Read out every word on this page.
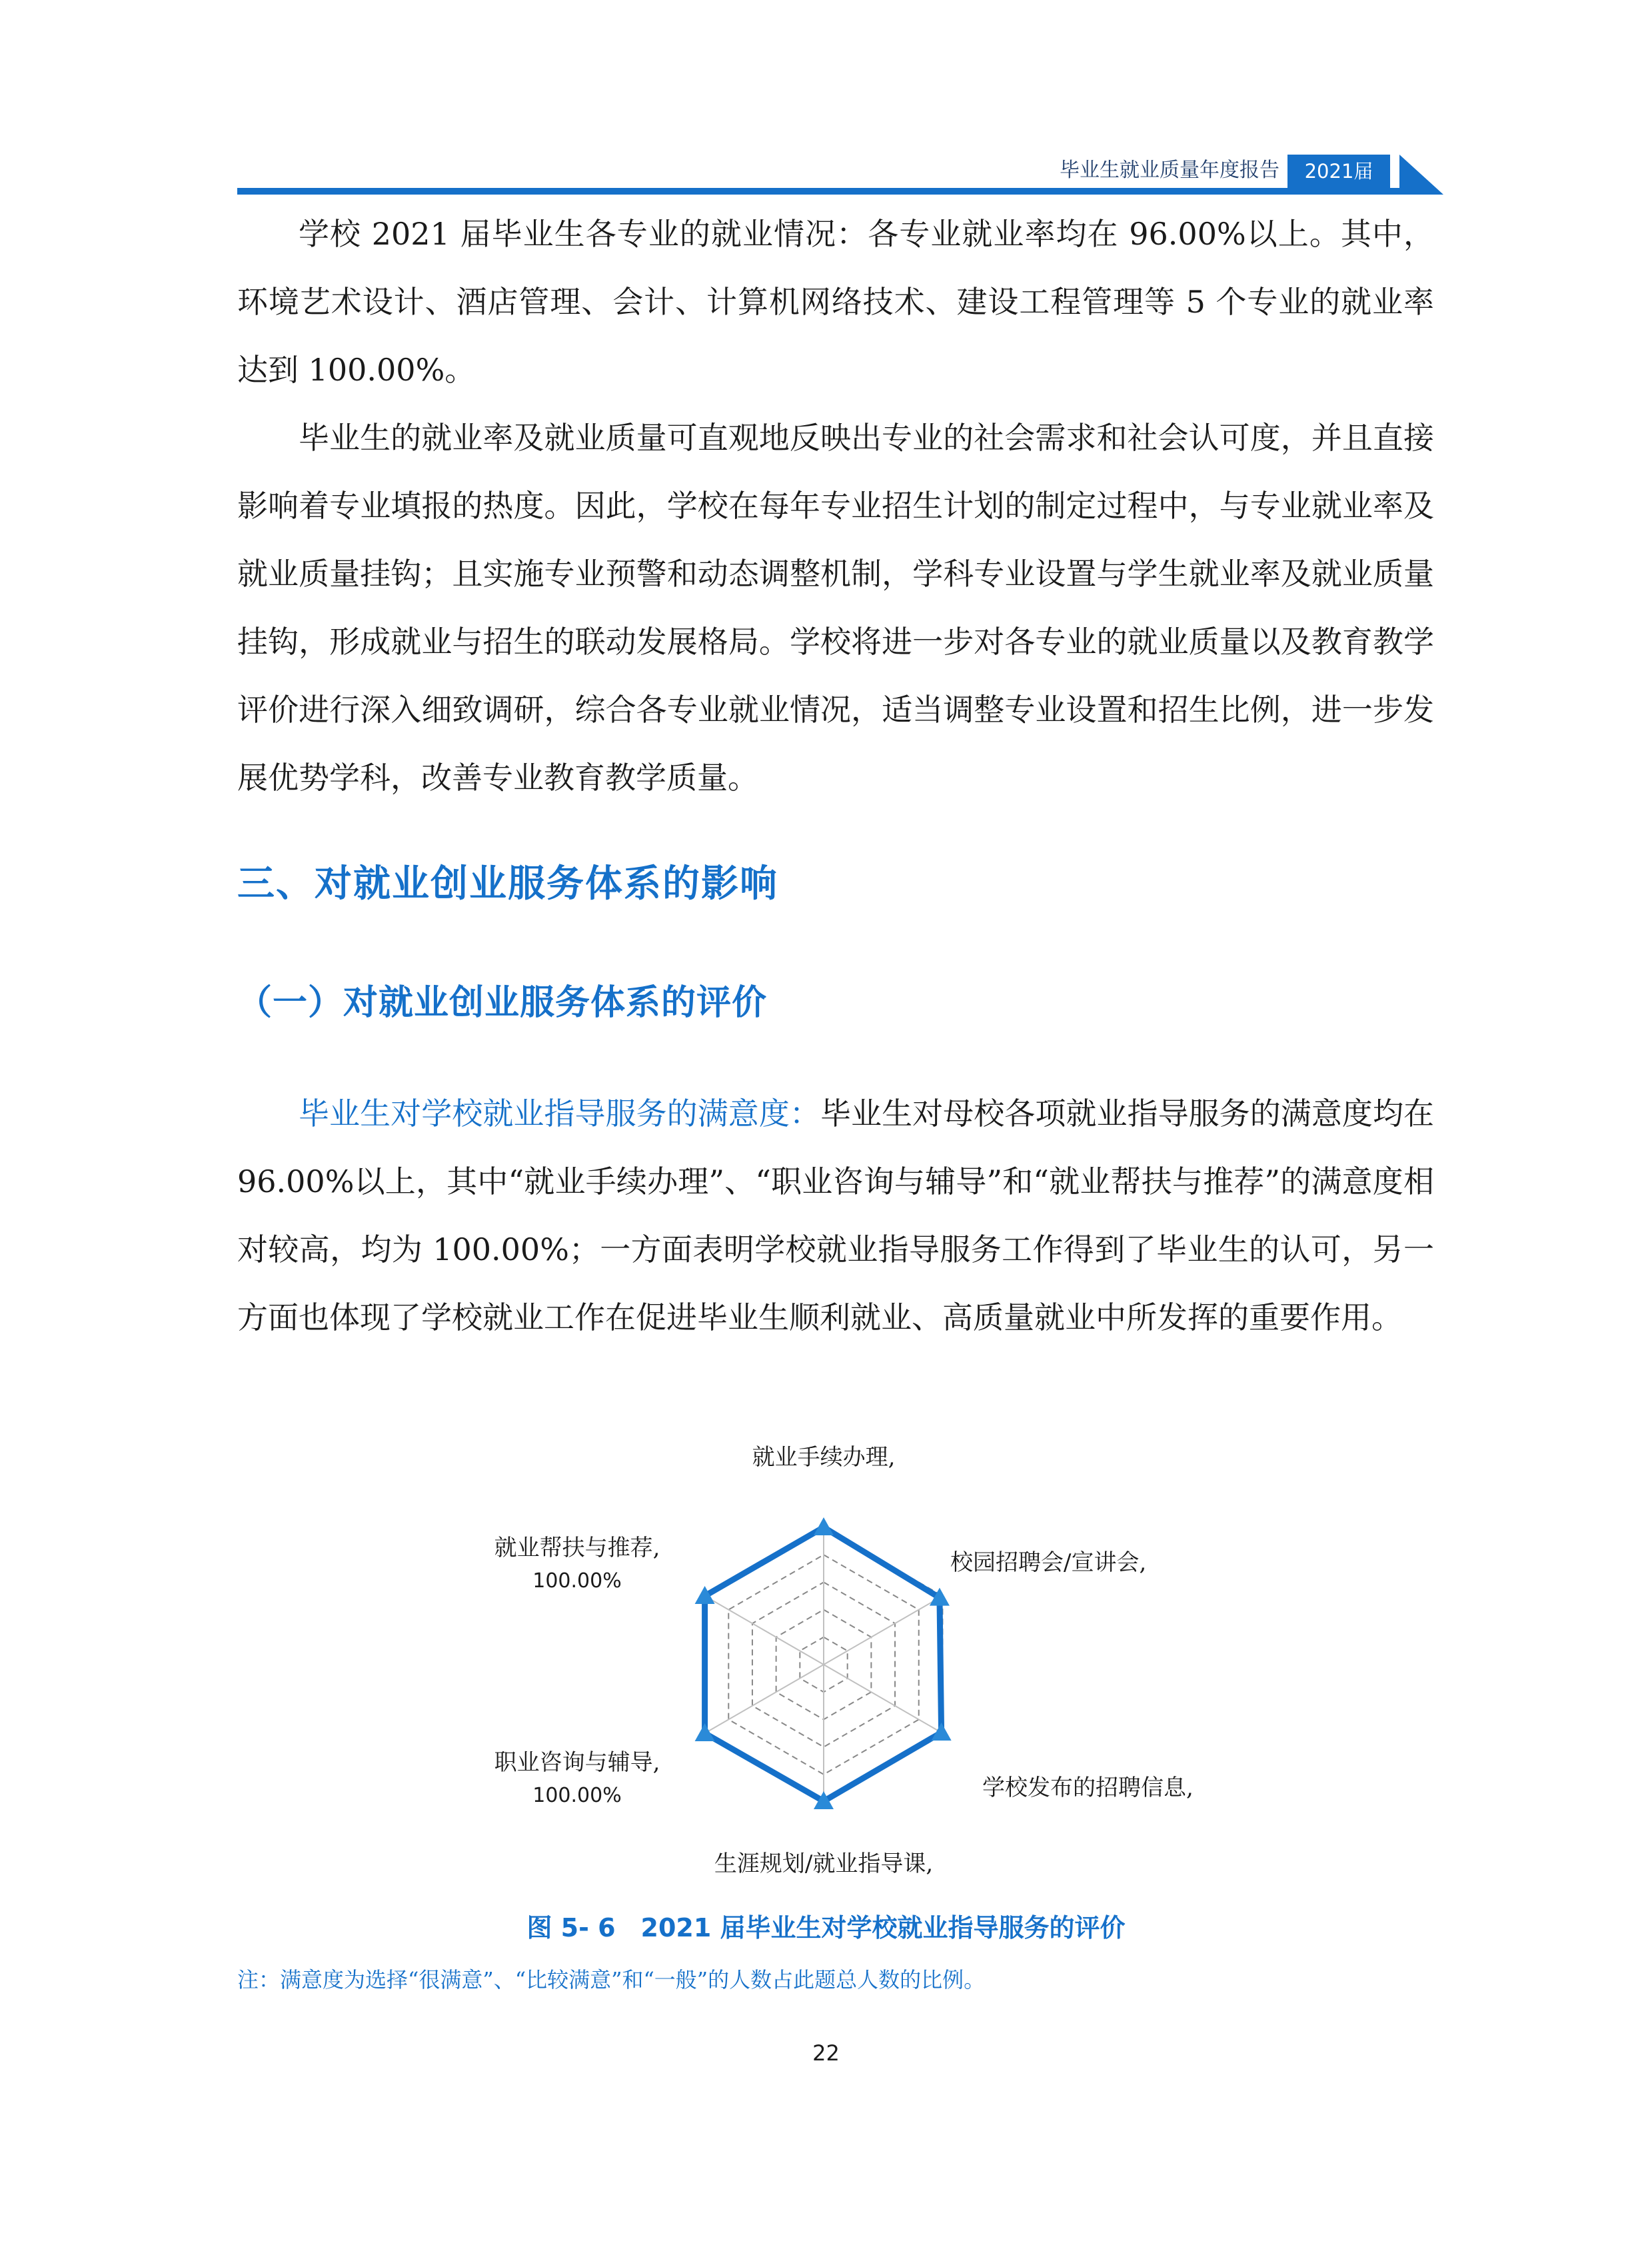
毕业生就业质量年度报告	2021届

学校 2021 届毕业生各专业的就业情况：各专业就业率均在 96.00%以上。其中，环境艺术设计、酒店管理、会计、计算机网络技术、建设工程管理等 5 个专业的就业率达到 100.00%。

毕业生的就业率及就业质量可直观地反映出专业的社会需求和社会认可度，并且直接影响着专业填报的热度。因此，学校在每年专业招生计划的制定过程中，与专业就业率及就业质量挂钩；且实施专业预警和动态调整机制，学科专业设置与学生就业率及就业质量挂钩，形成就业与招生的联动发展格局。学校将进一步对各专业的就业质量以及教育教学评价进行深入细致调研，综合各专业就业情况，适当调整专业设置和招生比例，进一步发展优势学科，改善专业教育教学质量。

三、对就业创业服务体系的影响
（一）对就业创业服务体系的评价

毕业生对学校就业指导服务的满意度：毕业生对母校各项就业指导服务的满意度均在 96.00%以上，其中“就业手续办理”、“职业咨询与辅导”和“就业帮扶与推荐”的满意度相对较高，均为 100.00%；一方面表明学校就业指导服务工作得到了毕业生的认可，另一方面也体现了学校就业工作在促进毕业生顺利就业、高质量就业中所发挥的重要作用。

就业手续办理,
校园招聘会/宣讲会,
学校发布的招聘信息,
生涯规划/就业指导课,
职业咨询与辅导,
100.00%
就业帮扶与推荐,
100.00%
图 5- 6　2021 届毕业生对学校就业指导服务的评价
注：满意度为选择“很满意”、“比较满意”和“一般”的人数占此题总人数的比例。
22
